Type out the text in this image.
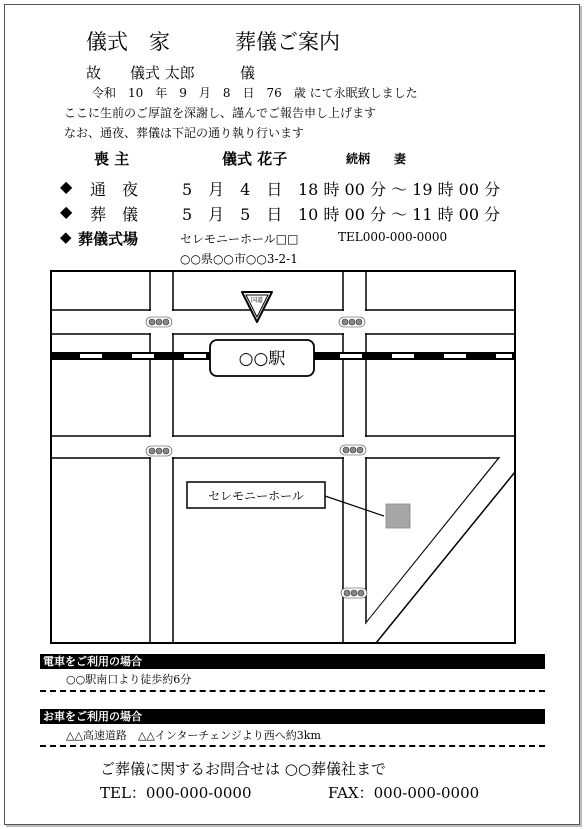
儀式　家	葬儀ご案内
故 儀式 太郎	儀
令和　10　年　9　月　8　日　76　歳 にて永眠致しました
ここに生前のご厚誼を深謝し、謹んでご報告申し上げます
なお、通夜、葬儀は下記の通り執り行います
喪 主	儀式 花子	続柄　　妻
◆ 通　夜	5　月　4　日 18 時 00 分 〜 19 時 00 分
◆ 葬　儀	5　月　5　日 10 時 00 分 〜 11 時 00 分
◆ 葬儀式場	セレモニーホール□□	TEL000-000-0000
○○県○○市○○3-2-1
○○駅
国道
セレモニーホール
電車をご利用の場合
○○駅南口より徒歩約6分
お車をご利用の場合
△△高速道路　△△インターチェンジより西へ約3km
ご葬儀に関するお問合せは ○○葬儀社まで
TEL：000-000-0000	FAX：000-000-0000
